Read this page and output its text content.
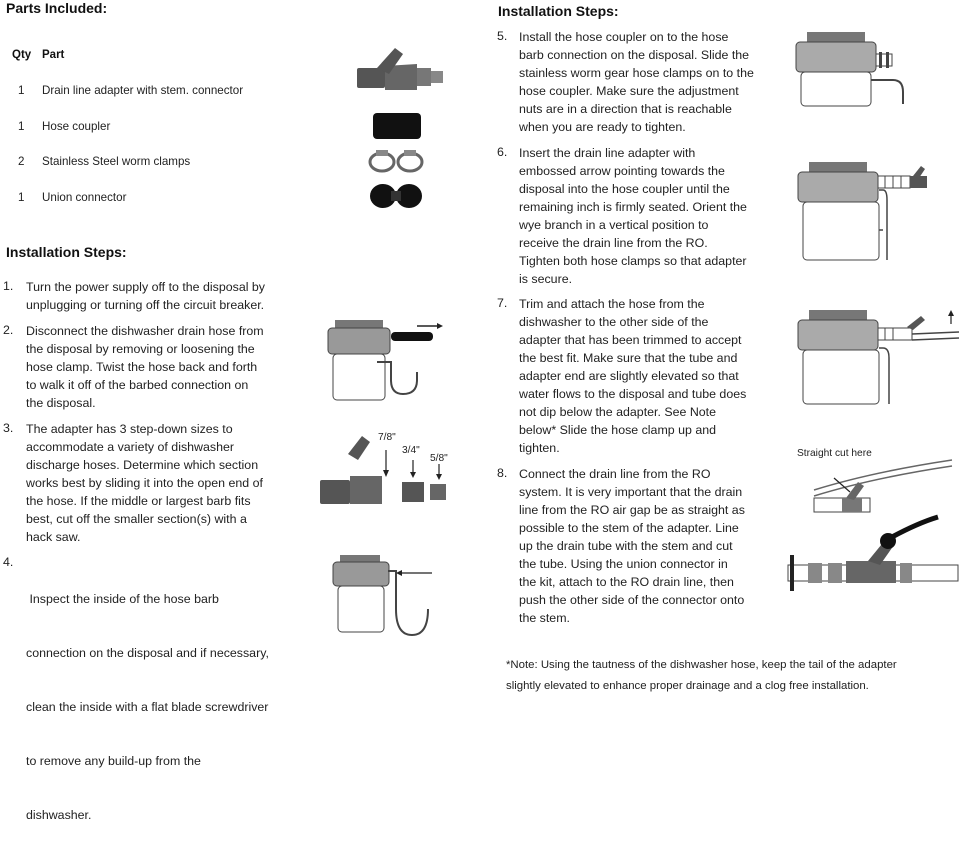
Parts Included:
Qty Part
1 Drain line adapter with stem. connector
1 Hose coupler
2 Stainless Steel worm clamps
1 Union connector
Installation Steps:
1. Turn the power supply off to the disposal by
unplugging or turning off the circuit breaker.
2. Disconnect the dishwasher drain hose from
the disposal by removing or loosening the
hose clamp. Twist the hose back and forth
to walk it off of the barbed connection on
the disposal.
3. The adapter has 3 step-down sizes to
accommodate a variety of dishwasher
discharge hoses. Determine which section
works best by sliding it into the open end of
the hose. If the middle or largest barb fits
best, cut off the smaller section(s) with a
hack saw.
4.

Inspect the inside of the hose barb

connection on the disposal and if necessary,

clean the inside with a flat blade screwdriver

to remove any build-up from the

dishwasher.

7/8"
3/4"
5/8"
Installation Steps:
5. Install the hose coupler on to the hose
barb connection on the disposal. Slide the
stainless worm gear hose clamps on to the
hose coupler. Make sure the adjustment
nuts are in a direction that is reachable
when you are ready to tighten.
6. Insert the drain line adapter with
embossed arrow pointing towards the
disposal into the hose coupler until the
remaining inch is firmly seated. Orient the
wye branch in a vertical position to
receive the drain line from the RO.
Tighten both hose clamps so that adapter
is secure.
7. Trim and attach the hose from the
dishwasher to the other side of the
adapter that has been trimmed to accept
the best fit. Make sure that the tube and
adapter end are slightly elevated so that
water flows to the disposal and tube does
not dip below the adapter. See Note
below* Slide the hose clamp up and
tighten.
8. Connect the drain line from the RO
system. It is very important that the drain
line from the RO air gap be as straight as
possible to the stem of the adapter. Line
up the drain tube with the stem and cut
the tube. Using the union connector in
the kit, attach to the RO drain line, then
push the other side of the connector onto
the stem.
Straight cut here
*Note: Using the tautness of the dishwasher hose, keep the tail of the adapter
slightly elevated to enhance proper drainage and a clog free installation.
